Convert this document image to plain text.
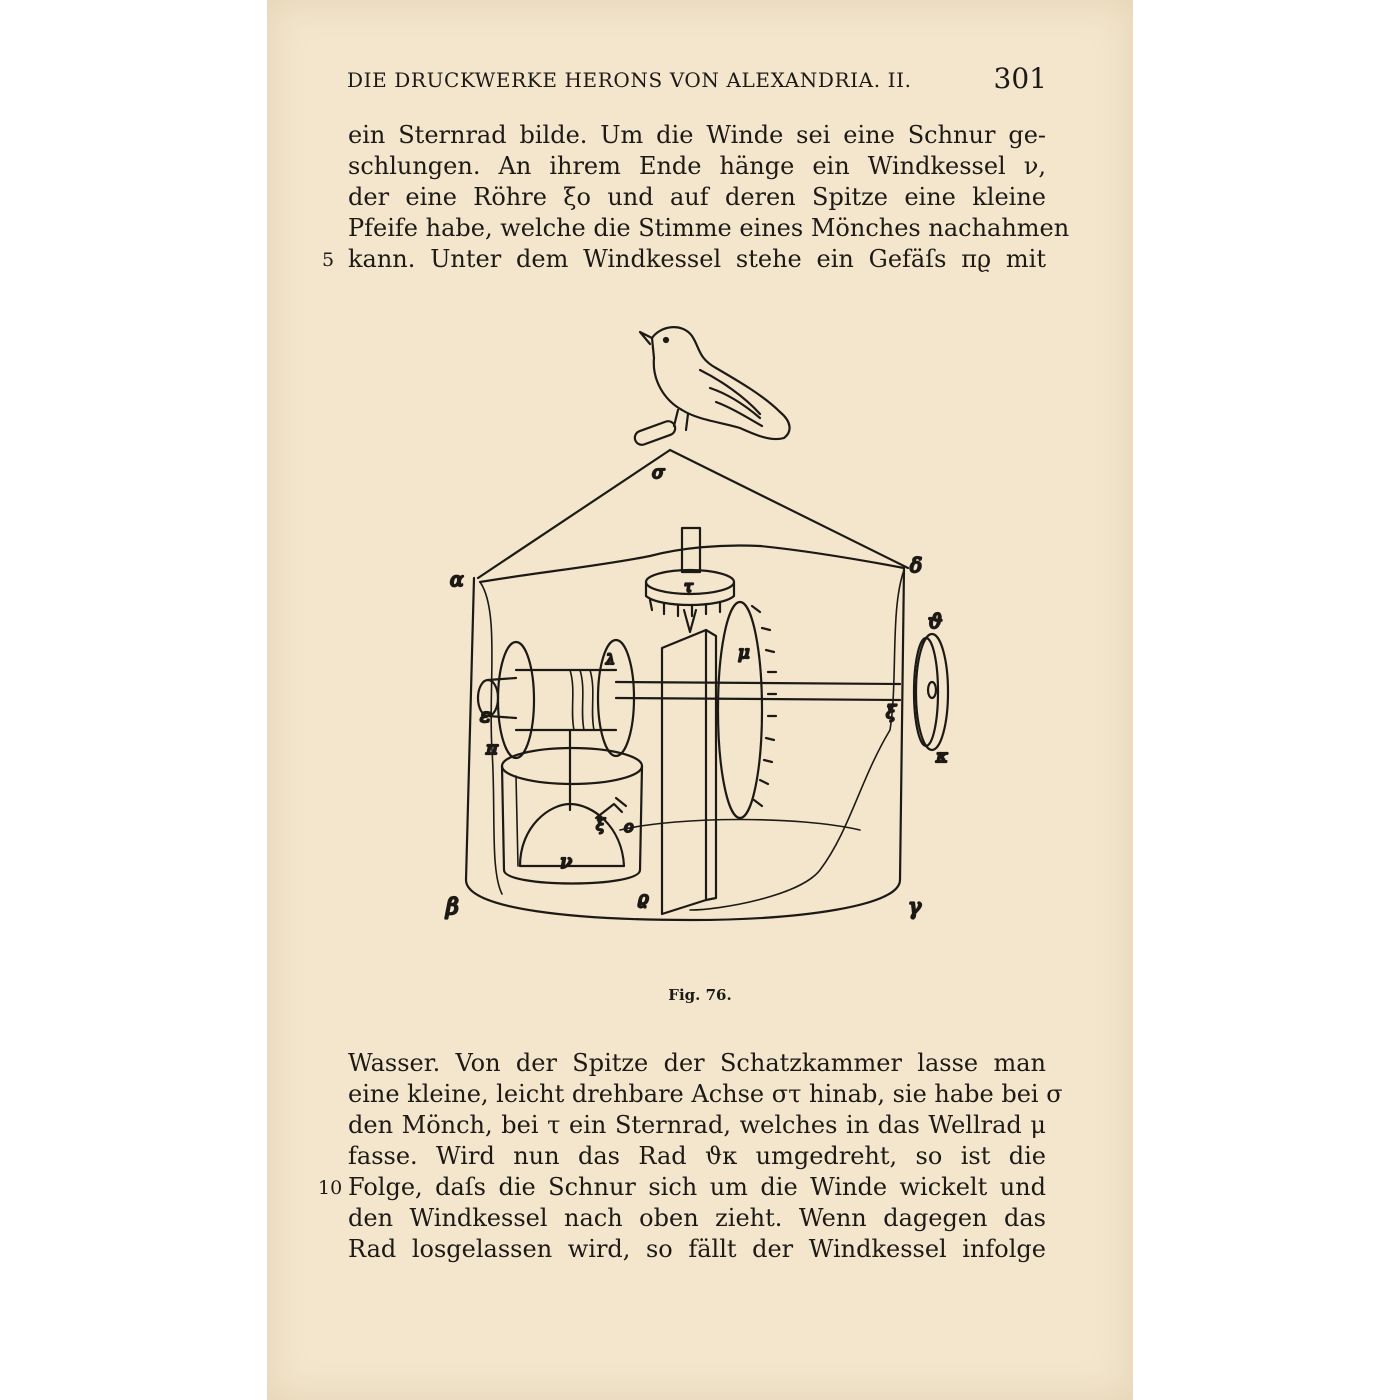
DIE DRUCKWERKE HERONS VON ALEXANDRIA. II.	301
ein Sternrad bilde. Um die Winde sei eine Schnur ge-
schlungen. An ihrem Ende hänge ein Windkessel ν,
der eine Röhre ξο und auf deren Spitze eine kleine
Pfeife habe, welche die Stimme eines Mönches nachahmen
5 kann. Unter dem Windkessel stehe ein Gefäſs πϱ mit
σ
α
δ
τ
μ
λ
ϑ
ε	ξ
κ
π
ξ o
ν
ϱ
β	γ
Fig. 76.
Wasser. Von der Spitze der Schatzkammer lasse man
eine kleine, leicht drehbare Achse στ hinab, sie habe bei σ
den Mönch, bei τ ein Sternrad, welches in das Wellrad μ
fasse. Wird nun das Rad ϑκ umgedreht, so ist die
10 Folge, daſs die Schnur sich um die Winde wickelt und
den Windkessel nach oben zieht. Wenn dagegen das
Rad losgelassen wird, so fällt der Windkessel infolge
